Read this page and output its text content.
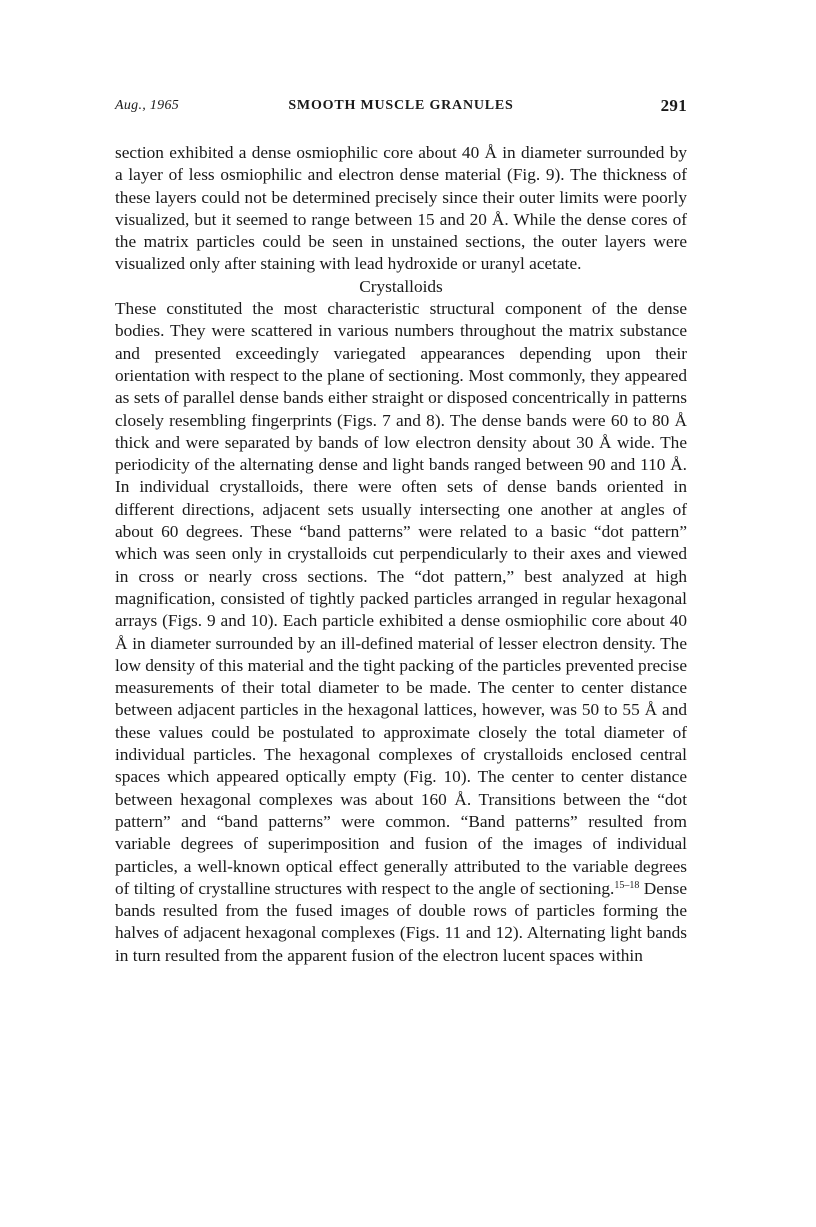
Aug., 1965	SMOOTH MUSCLE GRANULES	291

section exhibited a dense osmiophilic core about 40 Å in diameter surrounded by a layer of less osmiophilic and electron dense material (Fig. 9). The thickness of these layers could not be determined precisely since their outer limits were poorly visualized, but it seemed to range between 15 and 20 Å. While the dense cores of the matrix particles could be seen in unstained sections, the outer layers were visualized only after staining with lead hydroxide or uranyl acetate.

Crystalloids

These constituted the most characteristic structural component of the dense bodies. They were scattered in various numbers throughout the matrix substance and presented exceedingly variegated appearances depending upon their orientation with respect to the plane of sectioning. Most commonly, they appeared as sets of parallel dense bands either straight or disposed concentrically in patterns closely resembling fingerprints (Figs. 7 and 8). The dense bands were 60 to 80 Å thick and were separated by bands of low electron density about 30 Å wide. The periodicity of the alternating dense and light bands ranged between 90 and 110 Å. In individual crystalloids, there were often sets of dense bands oriented in different directions, adjacent sets usually intersecting one another at angles of about 60 degrees. These “band patterns” were related to a basic “dot pattern” which was seen only in crystalloids cut perpendicularly to their axes and viewed in cross or nearly cross sections. The “dot pattern,” best analyzed at high magnification, consisted of tightly packed particles arranged in regular hexagonal arrays (Figs. 9 and 10). Each particle exhibited a dense osmiophilic core about 40 Å in diameter surrounded by an ill-defined material of lesser electron density. The low density of this material and the tight packing of the particles prevented precise measurements of their total diameter to be made. The center to center distance between adjacent particles in the hexagonal lattices, however, was 50 to 55 Å and these values could be postulated to approximate closely the total diameter of individual particles. The hexagonal complexes of crystalloids enclosed central spaces which appeared optically empty (Fig. 10). The center to center distance between hexagonal complexes was about 160 Å. Transitions between the “dot pattern” and “band patterns” were common. “Band patterns” resulted from variable degrees of superimposition and fusion of the images of individual particles, a well-known optical effect generally attributed to the variable degrees of tilting of crystalline structures with respect to the angle of sectioning.$^{15-18}$ Dense bands resulted from the fused images of double rows of particles forming the halves of adjacent hexagonal complexes (Figs. 11 and 12). Alternating light bands in turn resulted from the apparent fusion of the electron lucent spaces within
